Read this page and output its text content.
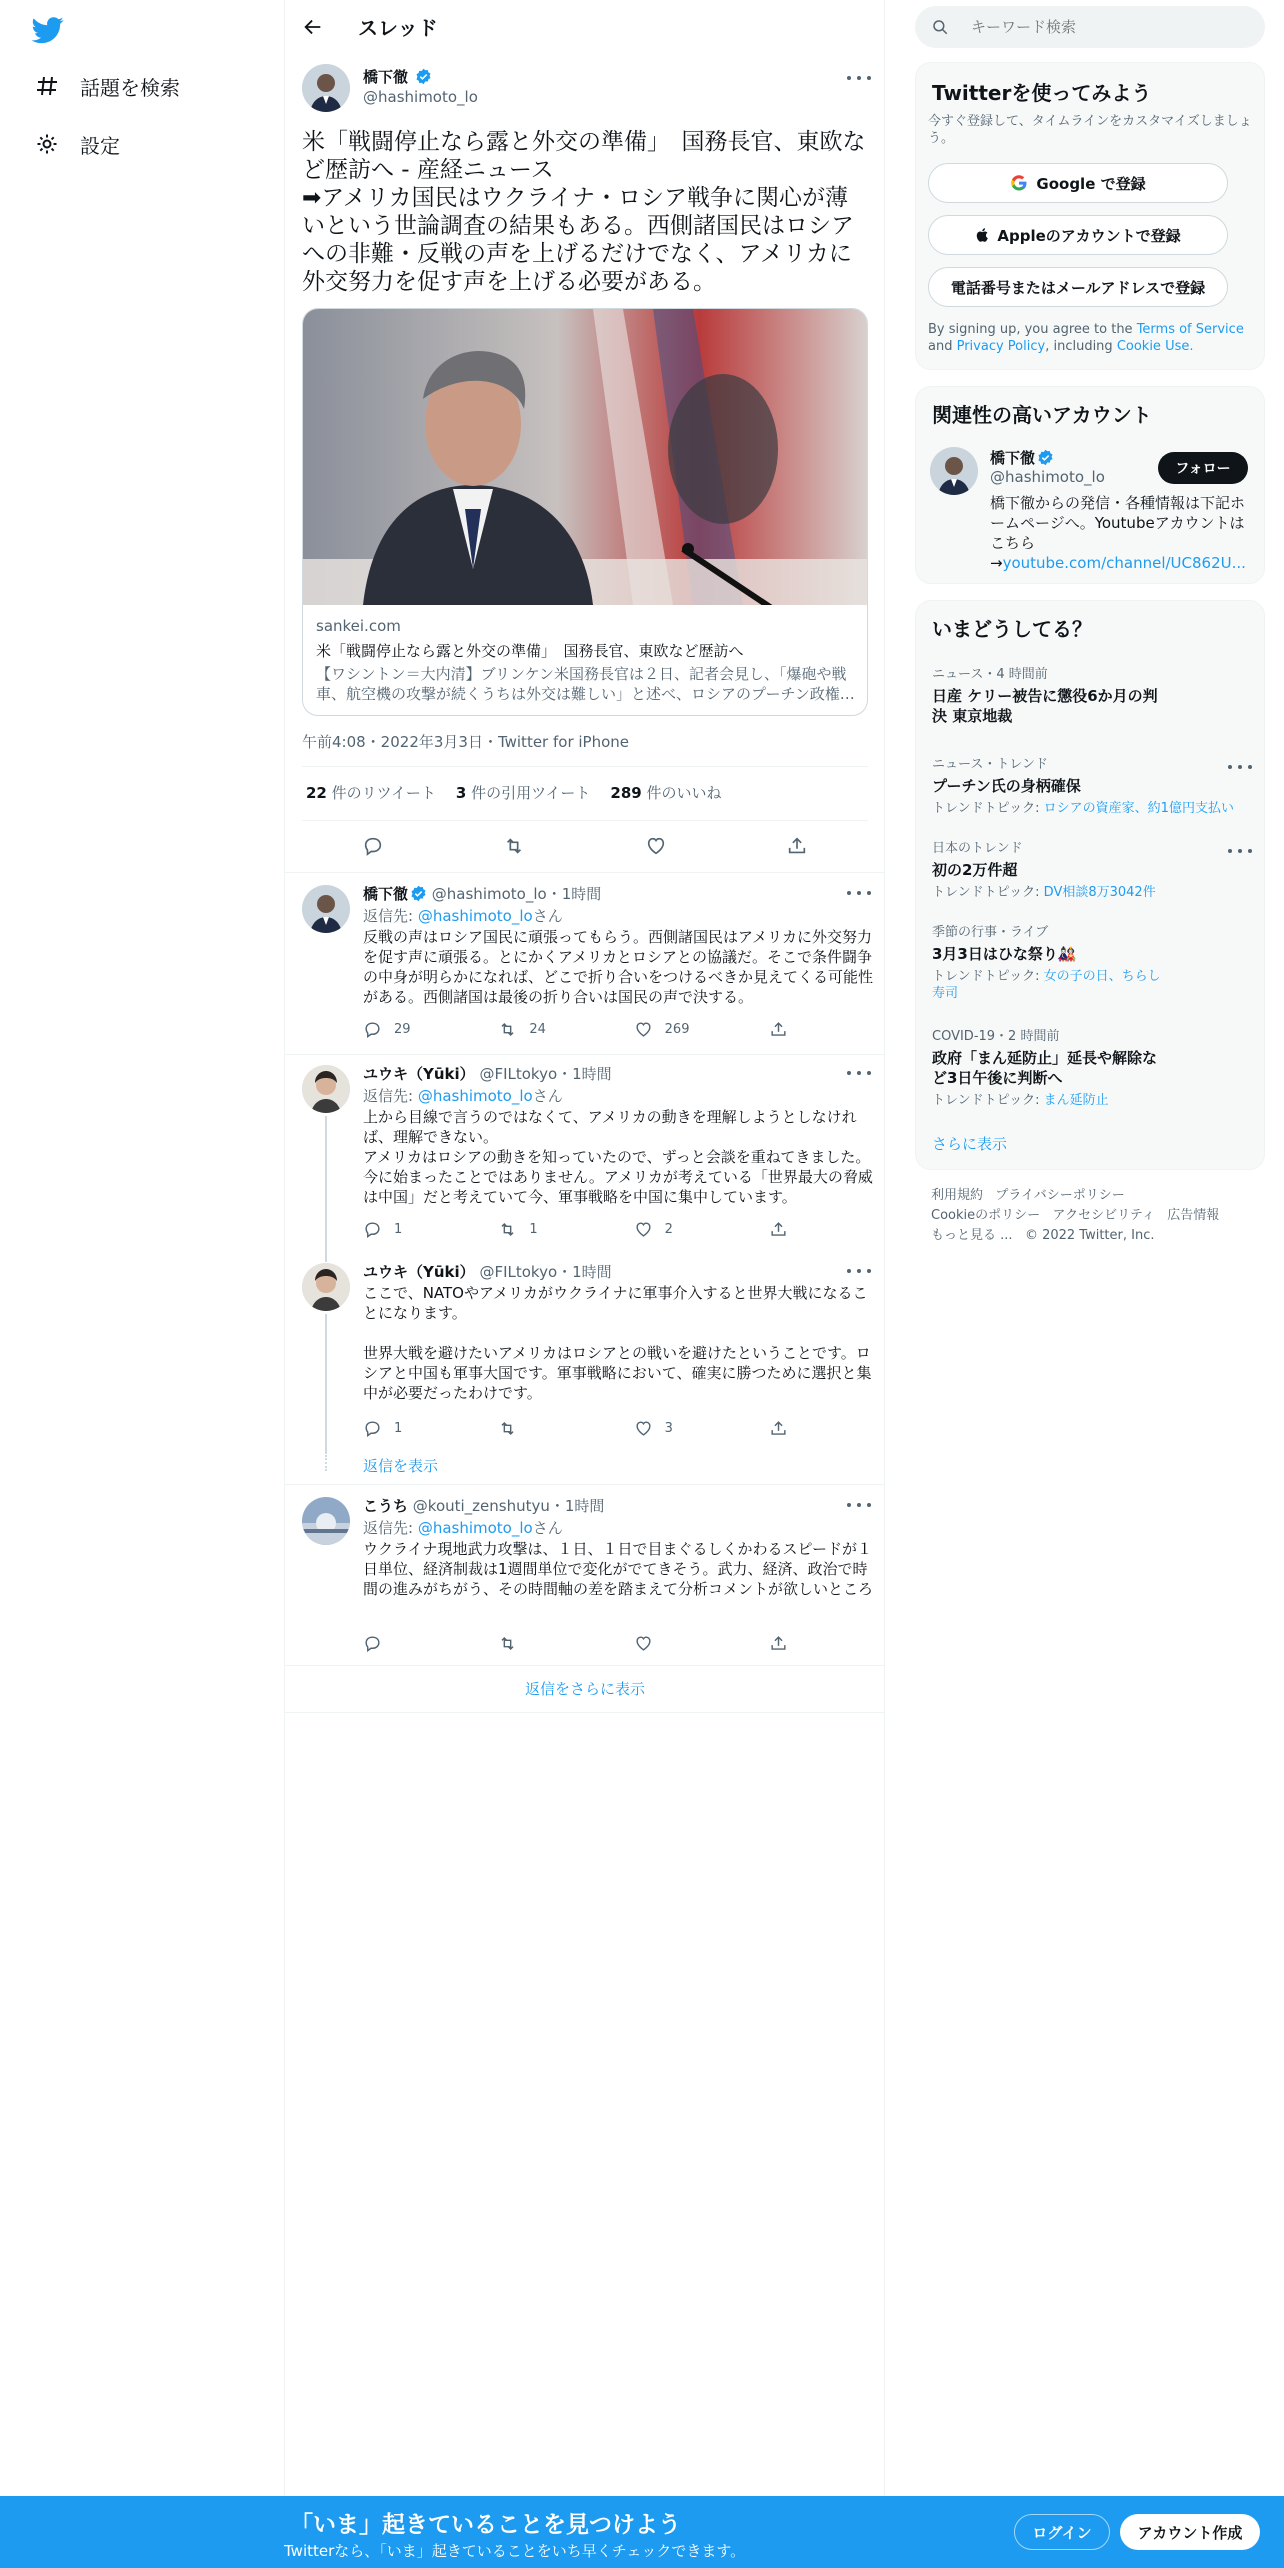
話題を検索
設定
スレッド
橋下徹
@hashimoto_lo
米「戦闘停止なら露と外交の準備」　国務長官、東欧など歴訪へ - 産経ニュース
➡アメリカ国民はウクライナ・ロシア戦争に関心が薄いという世論調査の結果もある。西側諸国民はロシアへの非難・反戦の声を上げるだけでなく、アメリカに外交努力を促す声を上げる必要がある。
sankei.com
米「戦闘停止なら露と外交の準備」　国務長官、東欧など歴訪へ
【ワシントン＝大内清】ブリンケン米国務長官は２日、記者会見し、「爆砲や戦車、航空機の攻撃が続くうちは外交は難しい」と述べ、ロシアのプーチン政権…
午前4:08・2022年3月3日・Twitter for iPhone
22 件のリツイート 3 件の引用ツイート 289 件のいいね
橋下徹 @hashimoto_lo・1時間
返信先: @hashimoto_loさん
反戦の声はロシア国民に頑張ってもらう。西側諸国民はアメリカに外交努力を促す声に頑張る。とにかくアメリカとロシアとの協議だ。そこで条件闘争の中身が明らかになれば、どこで折り合いをつけるべきか見えてくる可能性がある。西側諸国は最後の折り合いは国民の声で決する。
29	24	269
ユウキ（Yūki） @FILtokyo・1時間
返信先: @hashimoto_loさん
上から目線で言うのではなくて、アメリカの動きを理解しようとしなければ、理解できない。
アメリカはロシアの動きを知っていたので、ずっと会談を重ねてきました。今に始まったことではありません。アメリカが考えている「世界最大の脅威は中国」だと考えていて今、軍事戦略を中国に集中しています。
1	1	2
ユウキ（Yūki） @FILtokyo・1時間
ここで、NATOやアメリカがウクライナに軍事介入すると世界大戦になることになります。

世界大戦を避けたいアメリカはロシアとの戦いを避けたということです。ロシアと中国も軍事大国です。軍事戦略において、確実に勝つために選択と集中が必要だったわけです。
1	3
返信を表示
こうち @kouti_zenshutyu・1時間
返信先: @hashimoto_loさん
ウクライナ現地武力攻撃は、１日、１日で目まぐるしくかわるスピードが１日単位、経済制裁は1週間単位で変化がでてきそう。武力、経済、政治で時間の進みがちがう、その時間軸の差を踏まえて分析コメントが欲しいところ
返信をさらに表示
キーワード検索
Twitterを使ってみよう
今すぐ登録して、タイムラインをカスタマイズしましょう。
Google で登録
Appleのアカウントで登録
電話番号またはメールアドレスで登録
By signing up, you agree to the Terms of Service and Privacy Policy, including Cookie Use.
関連性の高いアカウント
橋下徹
@hashimoto_lo	フォロー
橋下徹からの発信・各種情報は下記ホームページへ。Youtubeアカウントはこちら
→youtube.com/channel/UC862U...
いまどうしてる？
ニュース・4 時間前
日産 ケリー被告に懲役6か月の判決 東京地裁
ニュース・トレンド
プーチン氏の身柄確保
トレンドトピック: ロシアの資産家、約1億円支払い
日本のトレンド
初の2万件超
トレンドトピック: DV相談8万3042件
季節の行事・ライブ
3月3日はひな祭り🎎
トレンドトピック: 女の子の日、ちらし寿司
COVID-19・2 時間前
政府「まん延防止」延長や解除など3日午後に判断へ
トレンドトピック: まん延防止
さらに表示
利用規約 プライバシーポリシー
Cookieのポリシー アクセシビリティ 広告情報
もっと見る ... © 2022 Twitter, Inc.
「いま」起きていることを見つけよう
Twitterなら、「いま」起きていることをいち早くチェックできます。
ログイン	アカウント作成
